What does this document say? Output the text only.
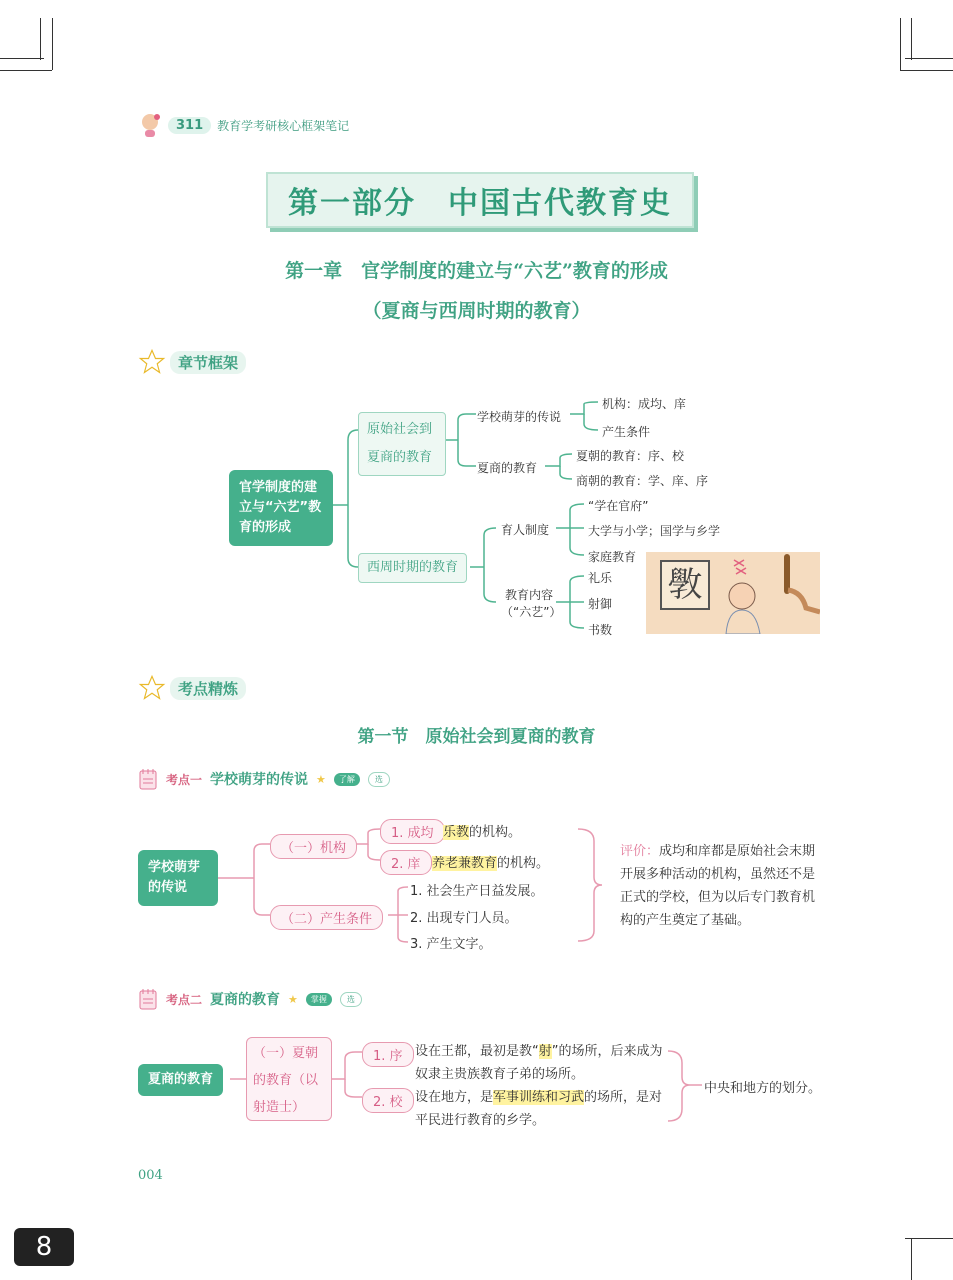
311	教育学考研核心框架笔记
第一部分　中国古代教育史
第一章　官学制度的建立与“六艺”教育的形成
（夏商与西周时期的教育）
章节框架
官学制度的建立与“六艺”教育的形成
原始社会到夏商的教育
学校萌芽的传说
机构：成均、庠
产生条件
夏商的教育
夏朝的教育：序、校
商朝的教育：学、庠、序
西周时期的教育
育人制度
“学在官府”
大学与小学；国学与乡学
家庭教育
教育内容（“六艺”）
礼乐
射御
书数
斆
考点精炼
第一节　原始社会到夏商的教育
考点一 学校萌芽的传说 ★	了解	选
学校萌芽的传说
（一）机构
1. 成均 乐教的机构。
2. 庠 养老兼教育的机构。
（二）产生条件
1. 社会生产日益发展。
2. 出现专门人员。
3. 产生文字。
评价：成均和庠都是原始社会末期开展多种活动的机构，虽然还不是正式的学校，但为以后专门教育机构的产生奠定了基础。
考点二 夏商的教育 ★	掌握	选
夏商的教育
（一）夏朝的教育（以射造士）
1. 序 设在王都，最初是教“射”的场所，后来成为奴隶主贵族教育子弟的场所。
2. 校 设在地方，是军事训练和习武的场所，是对平民进行教育的乡学。
中央和地方的划分。
004
8
